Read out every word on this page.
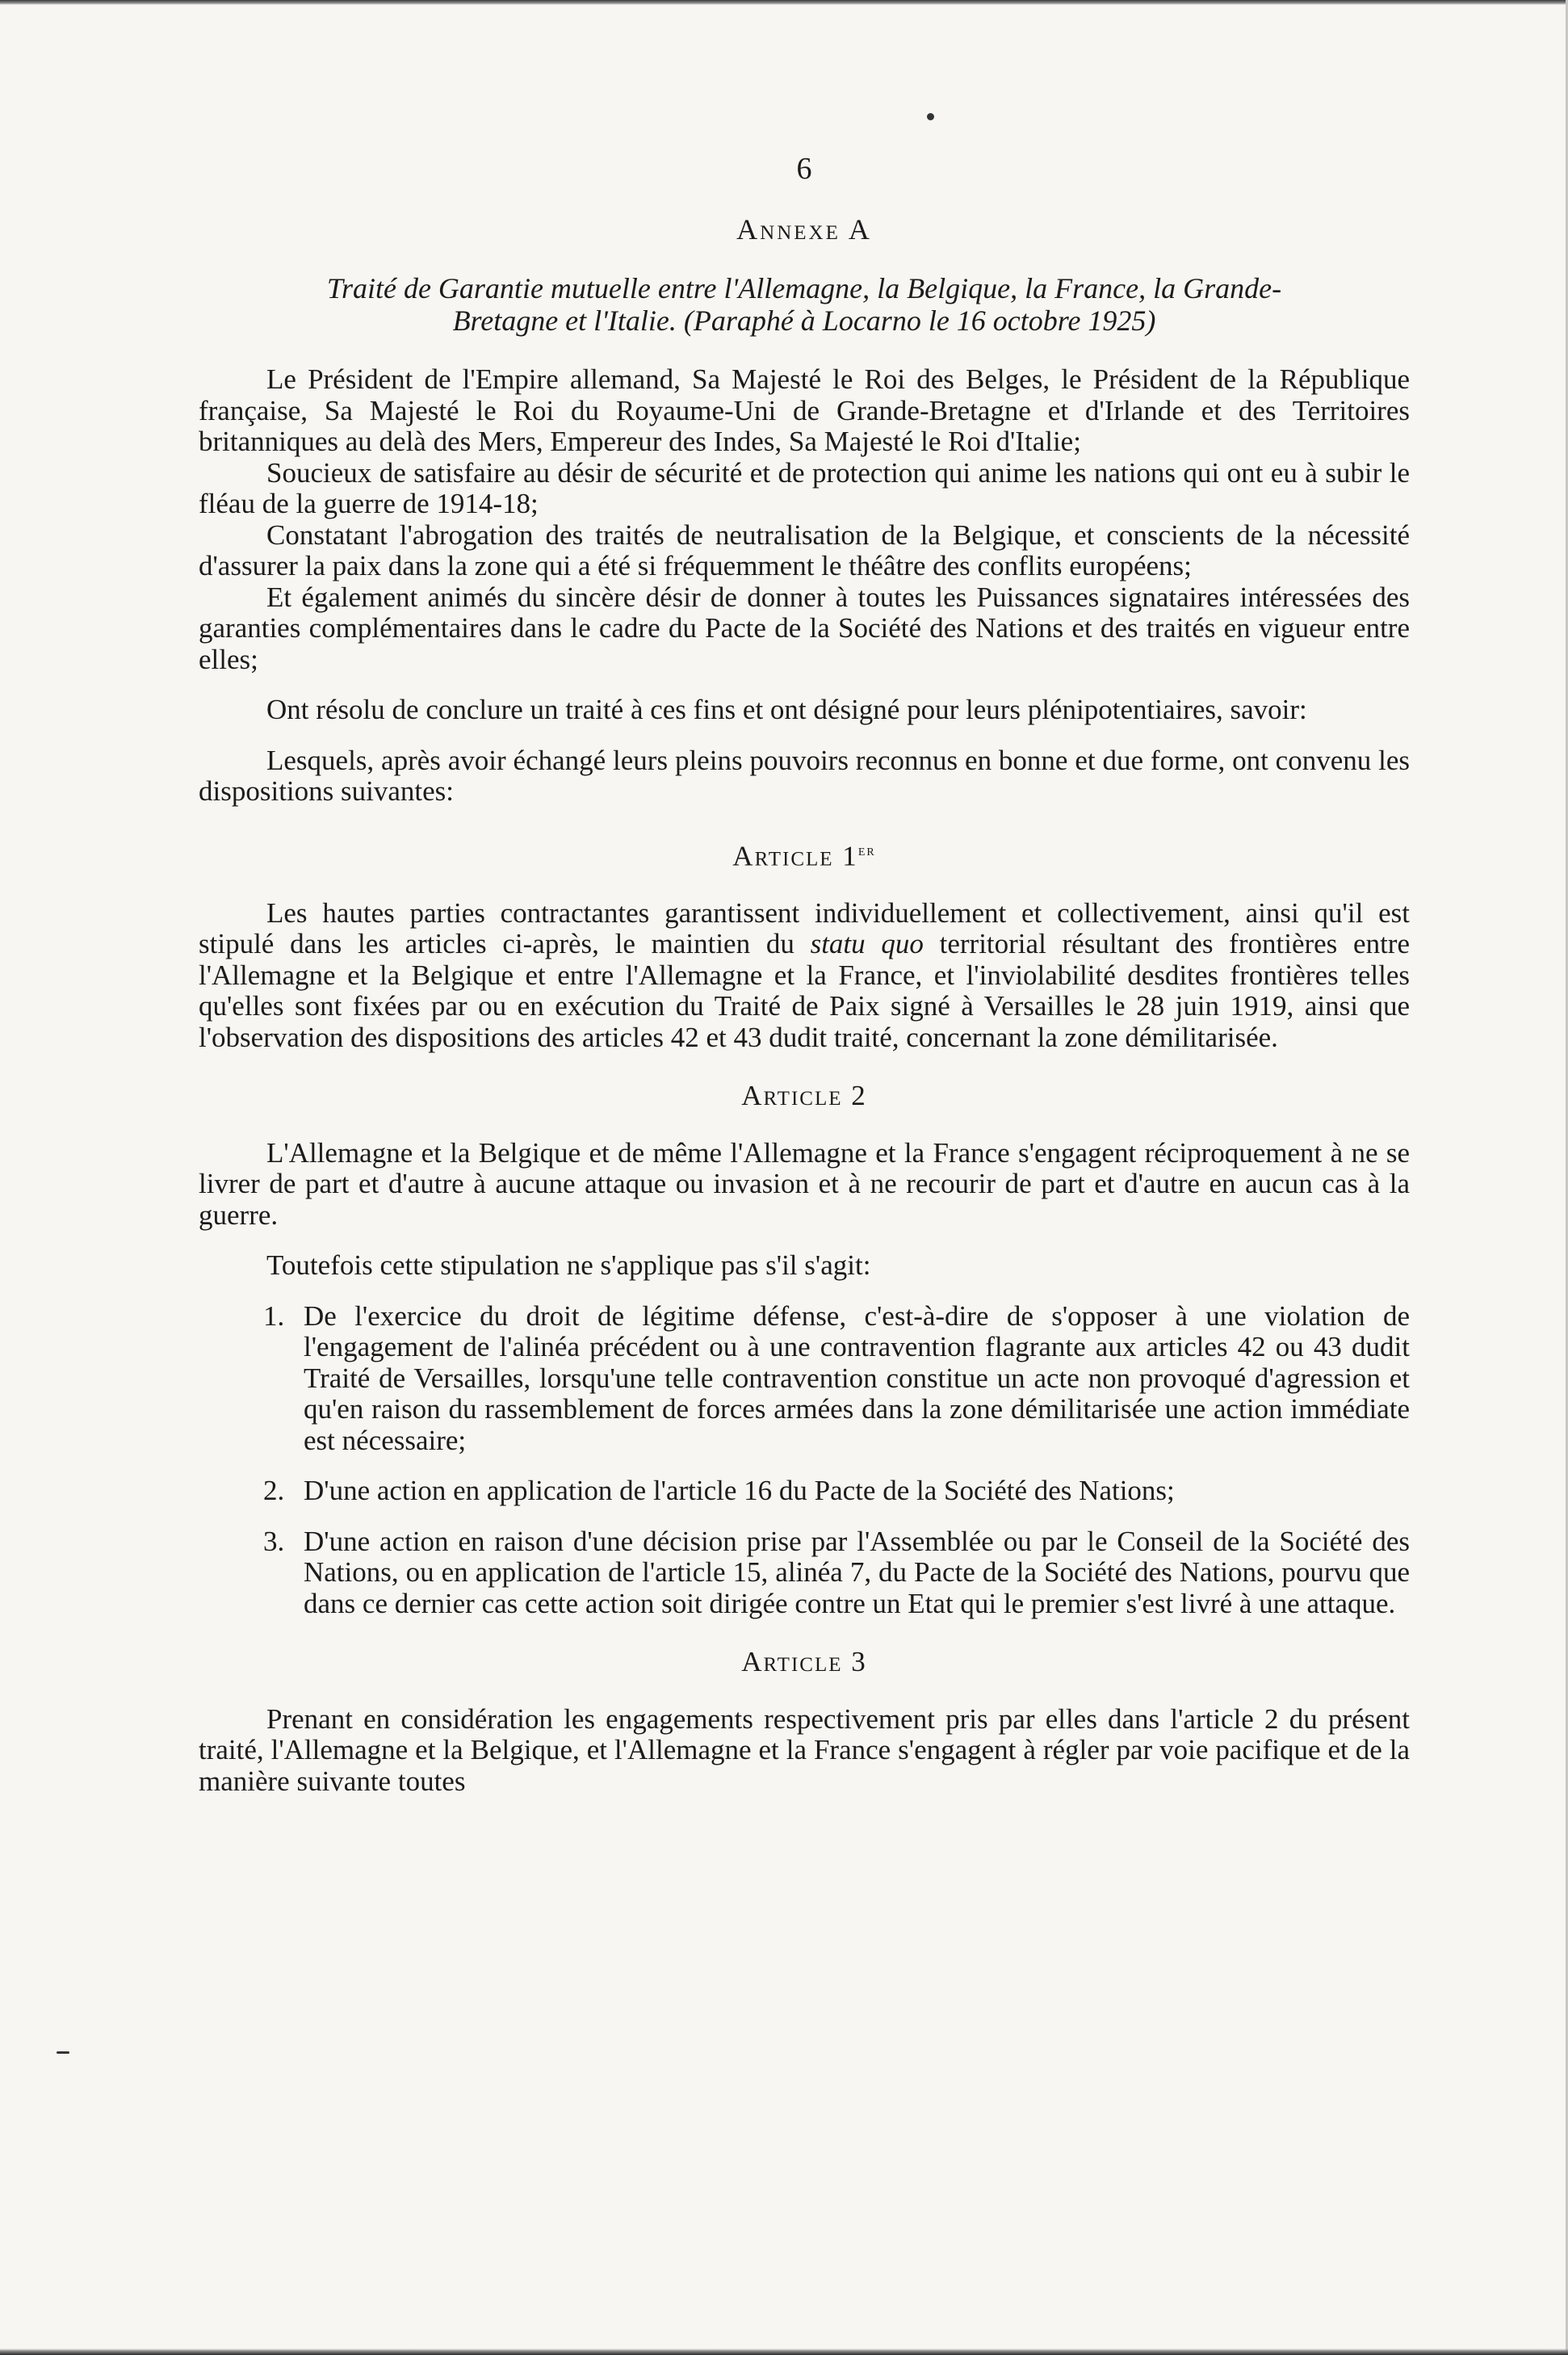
6
Annexe A
Traité de Garantie mutuelle entre l'Allemagne, la Belgique, la France, la Grande-
Bretagne et l'Italie. (Paraphé à Locarno le 16 octobre 1925)

Le Président de l'Empire allemand, Sa Majesté le Roi des Belges, le Président de la République française, Sa Majesté le Roi du Royaume-Uni de Grande-Bretagne et d'Irlande et des Territoires britanniques au delà des Mers, Empereur des Indes, Sa Majesté le Roi d'Italie;

Soucieux de satisfaire au désir de sécurité et de protection qui anime les nations qui ont eu à subir le fléau de la guerre de 1914-18;

Constatant l'abrogation des traités de neutralisation de la Belgique, et conscients de la nécessité d'assurer la paix dans la zone qui a été si fréquemment le théâtre des conflits européens;

Et également animés du sincère désir de donner à toutes les Puissances signataires intéressées des garanties complémentaires dans le cadre du Pacte de la Société des Nations et des traités en vigueur entre elles;

Ont résolu de conclure un traité à ces fins et ont désigné pour leurs plénipotentiaires, savoir:

Lesquels, après avoir échangé leurs pleins pouvoirs reconnus en bonne et due forme, ont convenu les dispositions suivantes:

Article 1er

Les hautes parties contractantes garantissent individuellement et collectivement, ainsi qu'il est stipulé dans les articles ci-après, le maintien du statu quo territorial résultant des frontières entre l'Allemagne et la Belgique et entre l'Allemagne et la France, et l'inviolabilité desdites frontières telles qu'elles sont fixées par ou en exécution du Traité de Paix signé à Versailles le 28 juin 1919, ainsi que l'observation des dispositions des articles 42 et 43 dudit traité, concernant la zone démilitarisée.

Article 2

L'Allemagne et la Belgique et de même l'Allemagne et la France s'engagent réciproquement à ne se livrer de part et d'autre à aucune attaque ou invasion et à ne recourir de part et d'autre en aucun cas à la guerre.

Toutefois cette stipulation ne s'applique pas s'il s'agit:

1. De l'exercice du droit de légitime défense, c'est-à-dire de s'opposer à une violation de l'engagement de l'alinéa précédent ou à une contravention flagrante aux articles 42 ou 43 dudit Traité de Versailles, lorsqu'une telle contravention constitue un acte non provoqué d'agression et qu'en raison du rassemblement de forces armées dans la zone démilitarisée une action immédiate est nécessaire;
2. D'une action en application de l'article 16 du Pacte de la Société des Nations;
3. D'une action en raison d'une décision prise par l'Assemblée ou par le Conseil de la Société des Nations, ou en application de l'article 15, alinéa 7, du Pacte de la Société des Nations, pourvu que dans ce dernier cas cette action soit dirigée contre un Etat qui le premier s'est livré à une attaque.
Article 3

Prenant en considération les engagements respectivement pris par elles dans l'article 2 du présent traité, l'Allemagne et la Belgique, et l'Allemagne et la France s'engagent à régler par voie pacifique et de la manière suivante toutes
